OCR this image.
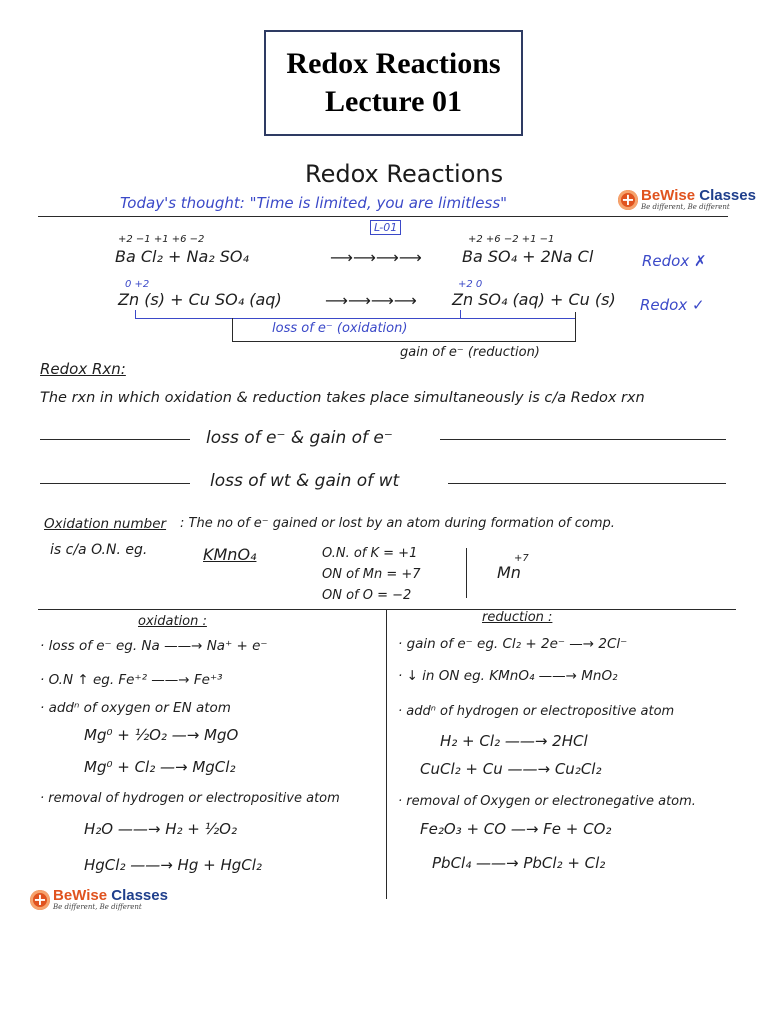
Redox Reactions
Lecture 01
Redox Reactions
Today's thought: "Time is limited, you are limitless"	+ BeWise Classes
Be different, Be different
L-01
+2 −1 +1 +6 −2
Ba Cl₂ + Na₂ SO₄	⟶⟶⟶⟶
+2 +6 −2 +1 −1
Ba SO₄ + 2Na Cl	Redox ✗
0 +2
Zn (s) + Cu SO₄ (aq)	⟶⟶⟶⟶
+2 0
Zn SO₄ (aq) + Cu (s) Redox ✓
loss of e⁻ (oxidation)
gain of e⁻ (reduction)
Redox Rxn:
The rxn in which oxidation & reduction takes place simultaneously is c/a Redox rxn
loss of e⁻ & gain of e⁻
loss of wt & gain of wt
Oxidation number : The no of e⁻ gained or lost by an atom during formation of comp.
is c/a O.N. eg.	KMnO₄	O.N. of K = +1
ON of Mn = +7
ON of O = −2
Mn
+7
oxidation :
· loss of e⁻ eg. Na ——→ Na⁺ + e⁻
· O.N ↑ eg. Fe⁺² ——→ Fe⁺³
· addⁿ of oxygen or EN atom
Mg⁰ + ½O₂ —→ MgO
Mg⁰ + Cl₂ —→ MgCl₂
· removal of hydrogen or electropositive atom
H₂O ——→ H₂ + ½O₂
HgCl₂ ——→ Hg + HgCl₂
reduction :
· gain of e⁻ eg. Cl₂ + 2e⁻ —→ 2Cl⁻
· ↓ in ON eg. KMnO₄ ——→ MnO₂
· addⁿ of hydrogen or electropositive atom
H₂ + Cl₂ ——→ 2HCl
CuCl₂ + Cu ——→ Cu₂Cl₂
· removal of Oxygen or electronegative atom.
Fe₂O₃ + CO —→ Fe + CO₂
PbCl₄ ——→ PbCl₂ + Cl₂
+ BeWise Classes
Be different, Be different
